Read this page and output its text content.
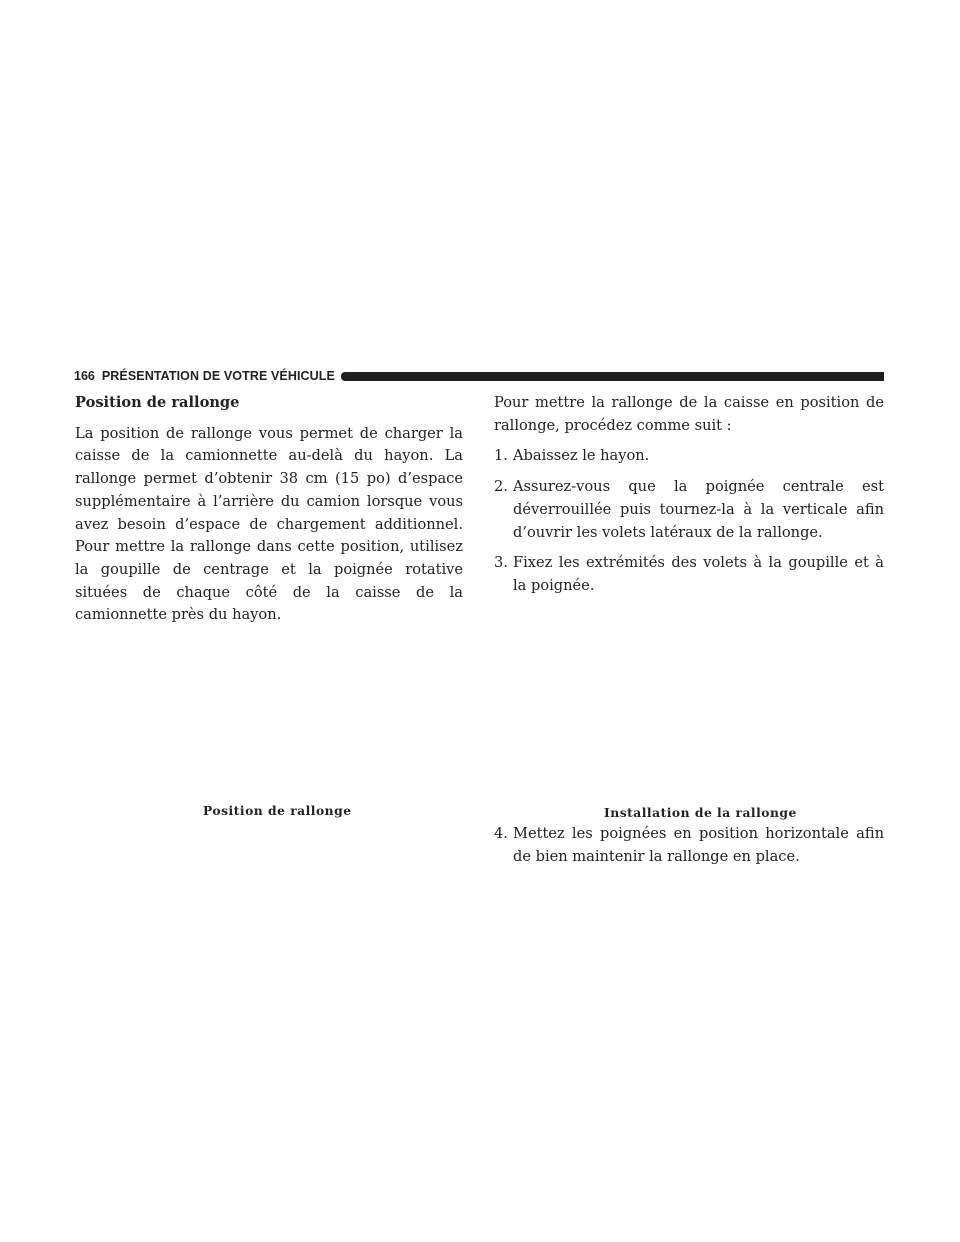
166 PRÉSENTATION DE VOTRE VÉHICULE
Position de rallonge

La position de rallonge vous permet de charger la caisse de la camionnette au-delà du hayon. La rallonge permet d’obtenir 38 cm (15 po) d’espace supplémentaire à l’arrière du camion lorsque vous avez besoin d’espace de chargement additionnel. Pour mettre la rallonge dans cette position, utilisez la goupille de centrage et la poignée rotative situées de chaque côté de la caisse de la camionnette près du hayon.

Pour mettre la rallonge de la caisse en position de rallonge, procédez comme suit :

1. Abaissez le hayon.
2. Assurez-vous que la poignée centrale est déverrouillée puis tournez-la à la verticale afin d’ouvrir les volets latéraux de la rallonge.
3. Fixez les extrémités des volets à la goupille et à la poignée.
Position de rallonge	Installation de la rallonge
4. Mettez les poignées en position horizontale afin de bien maintenir la rallonge en place.
